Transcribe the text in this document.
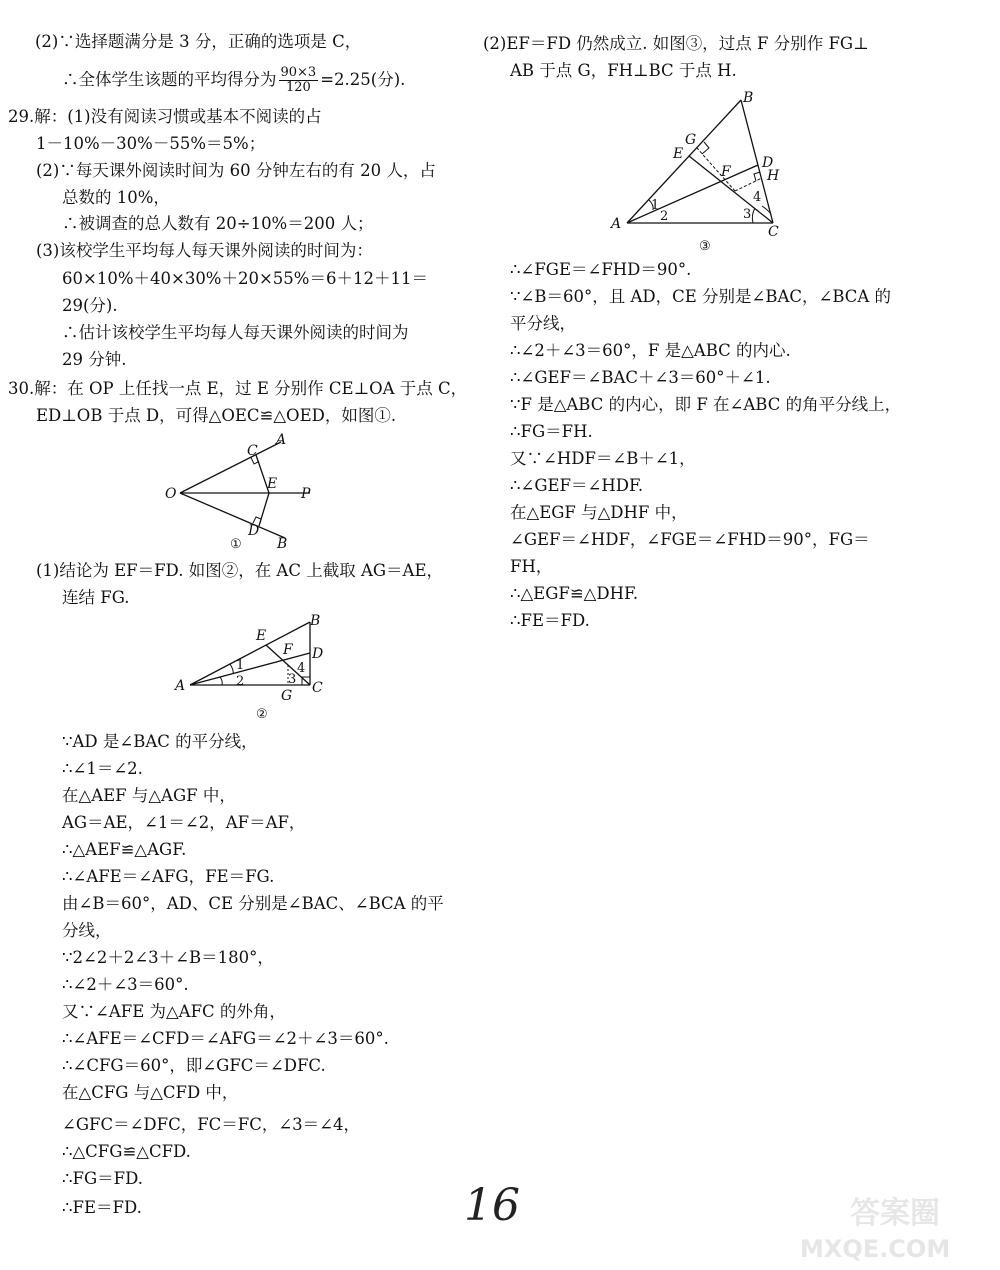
(2)∵选择题满分是 3 分，正确的选项是 C，
∴全体学生该题的平均得分为 $\frac{90\times 3}{120} =2.25$(分).
29.解：(1)没有阅读习惯或基本不阅读的占
1－10%－30%－55%＝5%；
(2)∵每天课外阅读时间为 60 分钟左右的有 20 人，占
总数的 10%，
∴被调查的总人数有 20÷10%＝200 人；
(3)该校学生平均每人每天课外阅读的时间为：
60×10%＋40×30%＋20×55%＝6＋12＋11＝
29(分).
∴估计该校学生平均每人每天课外阅读的时间为
29 分钟.
30.解：在 OP 上任找一点 E，过 E 分别作 CE⊥OA 于点 C，
ED⊥OB 于点 D，可得△OEC≌△OED，如图①.
O
C
A
E
P
D
B
①
(1)结论为 EF＝FD. 如图②，在 AC 上截取 AG＝AE，
连结 FG.
A
E
B
F D
G C
1
2	3
4
②
∵AD 是∠BAC 的平分线，
∴∠1＝∠2.
在△AEF 与△AGF 中，
AG＝AE，∠1＝∠2，AF＝AF，
∴△AEF≌△AGF.
∴∠AFE＝∠AFG，FE＝FG.
由∠B＝60°，AD、CE 分别是∠BAC、∠BCA 的平
分线，
∵2∠2＋2∠3＋∠B＝180°，
∴∠2＋∠3＝60°.
又∵∠AFE 为△AFC 的外角，
∴∠AFE＝∠CFD＝∠AFG＝∠2＋∠3＝60°.
∴∠CFG＝60°，即∠GFC＝∠DFC.
在△CFG 与△CFD 中，
∠GFC＝∠DFC，FC＝FC，∠3＝∠4，
∴△CFG≌△CFD.
∴FG＝FD.
∴FE＝FD.
(2)EF＝FD 仍然成立. 如图③，过点 F 分别作 FG⊥
AB 于点 G，FH⊥BC 于点 H.
A
B
C
G
E
D
H
F
1
2	3
4
③
∴∠FGE＝∠FHD＝90°.
∵∠B＝60°，且 AD，CE 分别是∠BAC，∠BCA 的
平分线，
∴∠2＋∠3＝60°，F 是△ABC 的内心.
∴∠GEF＝∠BAC＋∠3＝60°＋∠1.
∵F 是△ABC 的内心，即 F 在∠ABC 的角平分线上，
∴FG＝FH.
又∵∠HDF＝∠B＋∠1，
∴∠GEF＝∠HDF.
在△EGF 与△DHF 中，
∠GEF＝∠HDF，∠FGE＝∠FHD＝90°，FG＝
FH，
∴△EGF≌△DHF.
∴FE＝FD.
16	答案圈
MXQE.COM
